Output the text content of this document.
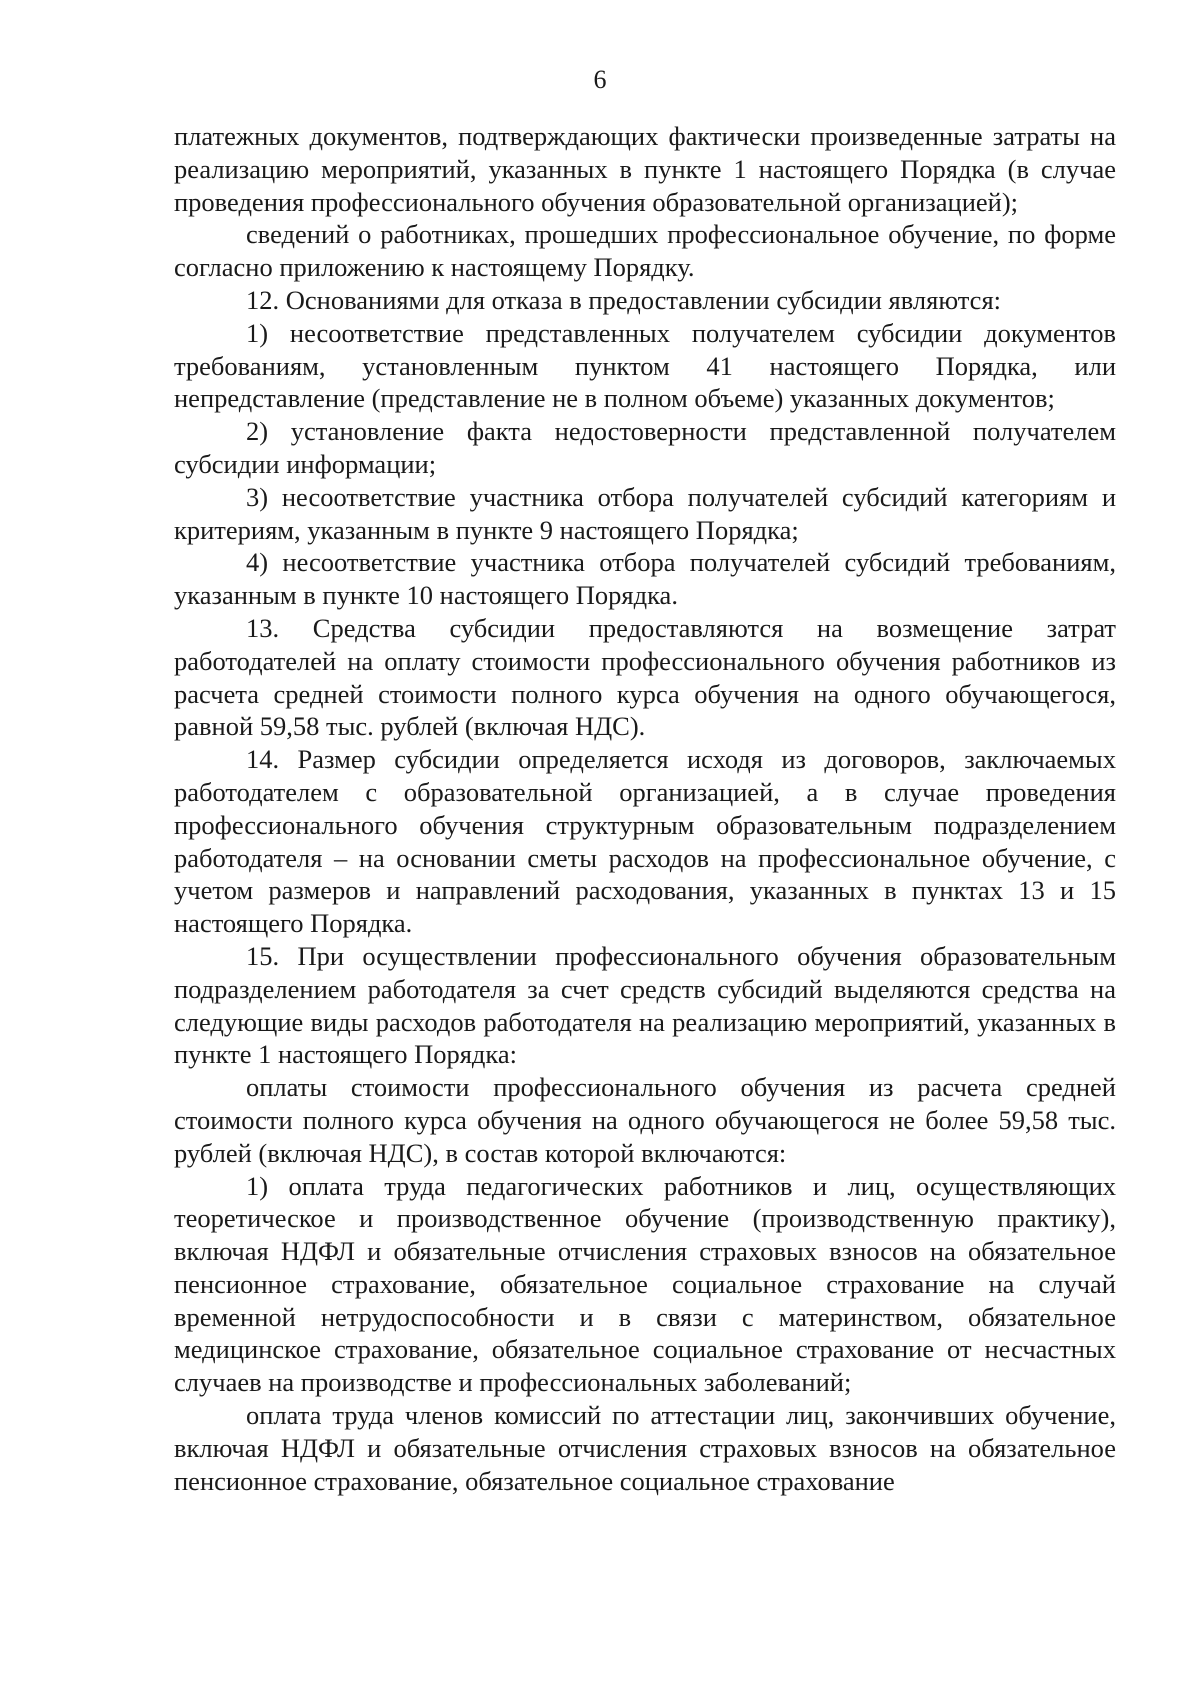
6

платежных документов, подтверждающих фактически произведенные затраты на реализацию мероприятий, указанных в пункте 1 настоящего Порядка (в случае проведения профессионального обучения образовательной организацией);

сведений о работниках, прошедших профессиональное обучение, по форме согласно приложению к настоящему Порядку.

12. Основаниями для отказа в предоставлении субсидии являются:

1) несоответствие представленных получателем субсидии документов требованиям, установленным пунктом 41 настоящего Порядка, или непредставление (представление не в полном объеме) указанных документов;

2) установление факта недостоверности представленной получателем субсидии информации;

3) несоответствие участника отбора получателей субсидий категориям и критериям, указанным в пункте 9 настоящего Порядка;

4) несоответствие участника отбора получателей субсидий требованиям, указанным в пункте 10 настоящего Порядка.

13. Средства субсидии предоставляются на возмещение затрат работодателей на оплату стоимости профессионального обучения работников из расчета средней стоимости полного курса обучения на одного обучающегося, равной 59,58 тыс. рублей (включая НДС).

14. Размер субсидии определяется исходя из договоров, заключаемых работодателем с образовательной организацией, а в случае проведения профессионального обучения структурным образовательным подразделением работодателя – на основании сметы расходов на профессиональное обучение, с учетом размеров и направлений расходования, указанных в пунктах 13 и 15 настоящего Порядка.

15. При осуществлении профессионального обучения образовательным подразделением работодателя за счет средств субсидий выделяются средства на следующие виды расходов работодателя на реализацию мероприятий, указанных в пункте 1 настоящего Порядка:

оплаты стоимости профессионального обучения из расчета средней стоимости полного курса обучения на одного обучающегося не более 59,58 тыс. рублей (включая НДС), в состав которой включаются:

1) оплата труда педагогических работников и лиц, осуществляющих теоретическое и производственное обучение (производственную практику), включая НДФЛ и обязательные отчисления страховых взносов на обязательное пенсионное страхование, обязательное социальное страхование на случай временной нетрудоспособности и в связи с материнством, обязательное медицинское страхование, обязательное социальное страхование от несчастных случаев на производстве и профессиональных заболеваний;

оплата труда членов комиссий по аттестации лиц, закончивших обучение, включая НДФЛ и обязательные отчисления страховых взносов на обязательное пенсионное страхование, обязательное социальное страхование
